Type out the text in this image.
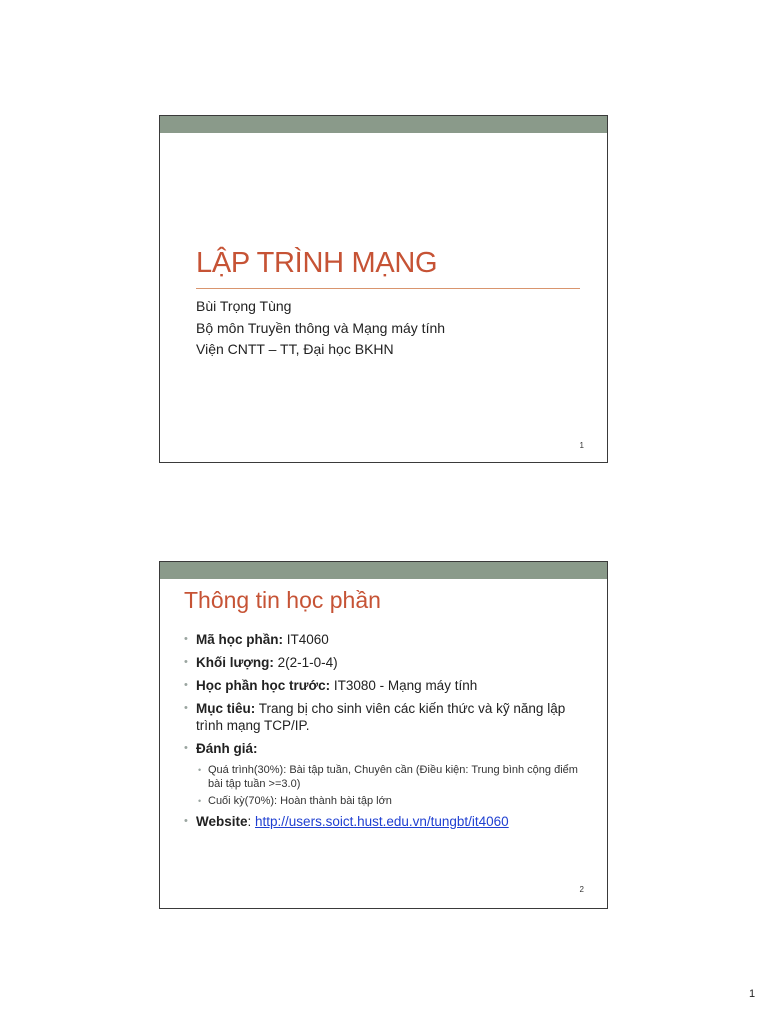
LẬP TRÌNH MẠNG
Bùi Trọng Tùng
Bộ môn Truyền thông và Mạng máy tính
Viện CNTT – TT, Đại học BKHN
1
Thông tin học phần
• Mã học phần: IT4060
• Khối lượng: 2(2-1-0-4)
• Học phần học trước: IT3080 - Mạng máy tính
• Mục tiêu: Trang bị cho sinh viên các kiến thức và kỹ năng lập trình mạng TCP/IP.
• Đánh giá:
• Quá trình(30%): Bài tập tuần, Chuyên cần (Điều kiện: Trung bình cộng điểm bài tập tuần >=3.0)
• Cuối kỳ(70%): Hoàn thành bài tập lớn
• Website: http://users.soict.hust.edu.vn/tungbt/it4060
2
1
